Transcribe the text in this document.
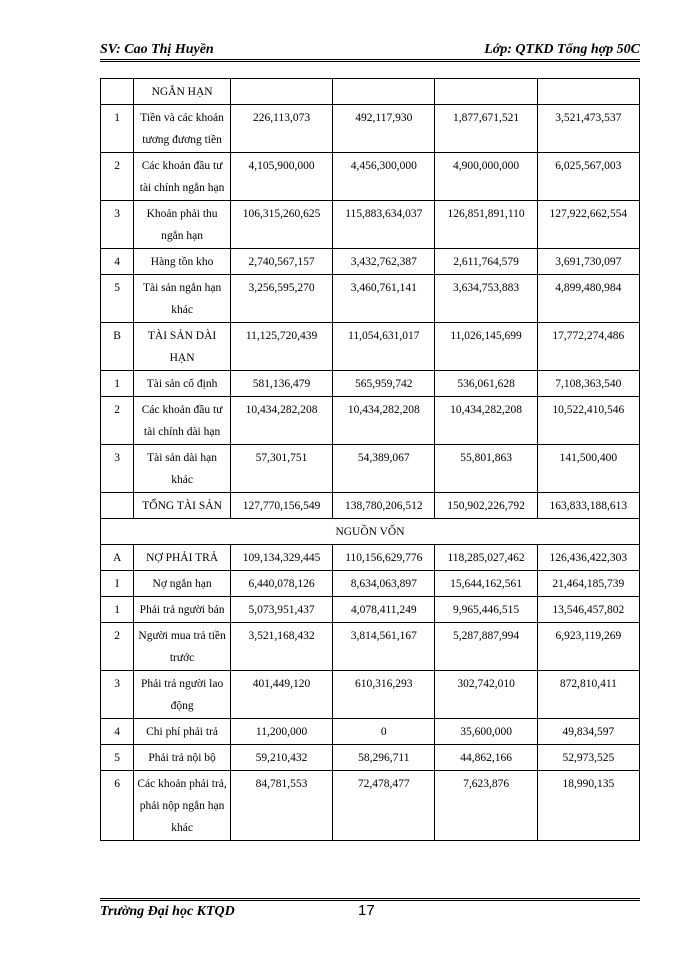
SV: Cao Thị Huyền	Lớp: QTKD Tổng hợp 50C
	NGẮN HẠN				
1	Tiền và các khoản tương đương tiền	226,113,073	492,117,930	1,877,671,521	3,521,473,537
2	Các khoản đầu tư tài chính ngắn hạn	4,105,900,000	4,456,300,000	4,900,000,000	6,025,567,003
3	Khoản phải thu ngắn hạn	106,315,260,625	115,883,634,037	126,851,891,110	127,922,662,554
4	Hàng tồn kho	2,740,567,157	3,432,762,387	2,611,764,579	3,691,730,097
5	Tài sản ngắn hạn khác	3,256,595,270	3,460,761,141	3,634,753,883	4,899,480,984
B	TÀI SẢN DÀI HẠN	11,125,720,439	11,054,631,017	11,026,145,699	17,772,274,486
1	Tài sản cố định	581,136,479	565,959,742	536,061,628	7,108,363,540
2	Các khoản đầu tư tài chính dài hạn	10,434,282,208	10,434,282,208	10,434,282,208	10,522,410,546
3	Tài sản dài hạn khác	57,301,751	54,389,067	55,801,863	141,500,400
	TỔNG TÀI SẢN	127,770,156,549	138,780,206,512	150,902,226,792	163,833,188,613
NGUỒN VỐN					
A	NỢ PHẢI TRẢ	109,134,329,445	110,156,629,776	118,285,027,462	126,436,422,303
I	Nợ ngắn hạn	6,440,078,126	8,634,063,897	15,644,162,561	21,464,185,739
1	Phải trả người bán	5,073,951,437	4,078,411,249	9,965,446,515	13,546,457,802
2	Người mua trả tiền trước	3,521,168,432	3,814,561,167	5,287,887,994	6,923,119,269
3	Phải trả người lao động	401,449,120	610,316,293	302,742,010	872,810,411
4	Chi phí phải trả	11,200,000	0	35,600,000	49,834,597
5	Phải trả nội bộ	59,210,432	58,296,711	44,862,166	52,973,525
6	Các khoản phải trả, phải nộp ngắn hạn khác	84,781,553	72,478,477	7,623,876	18,990,135
Trường Đại học KTQD	17
